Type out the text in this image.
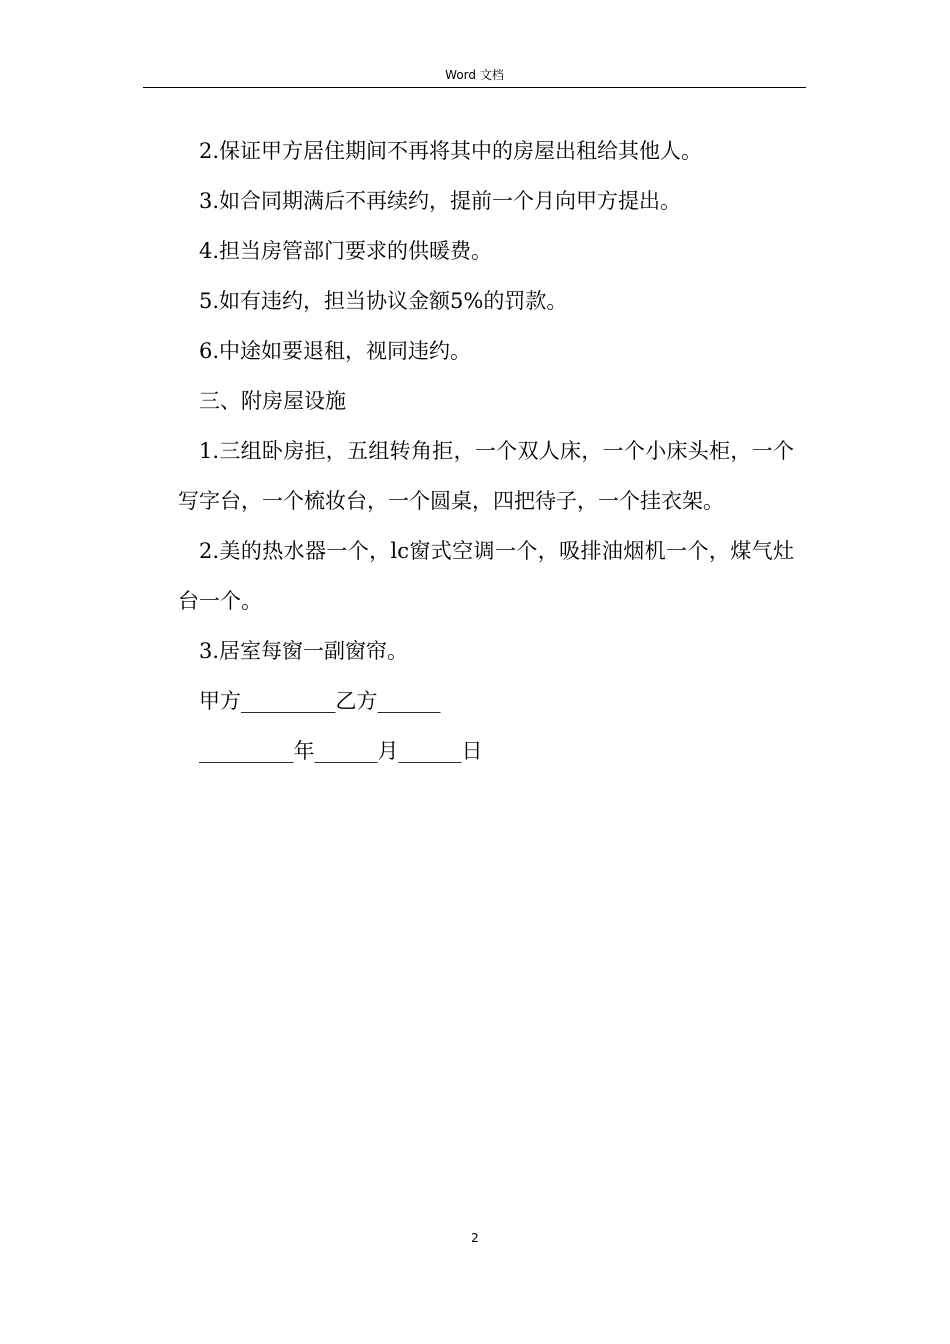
Word 文档

2.保证甲方居住期间不再将其中的房屋出租给其他人。

3.如合同期满后不再续约，提前一个月向甲方提出。

4.担当房管部门要求的供暖费。

5.如有违约，担当协议金额5%的罚款。

6.中途如要退租，视同违约。

三、附房屋设施

1.三组卧房拒，五组转角拒，一个双人床，一个小床头柜，一个写字台，一个梳妆台，一个圆桌，四把待子，一个挂衣架。

2.美的热水器一个，lc窗式空调一个，吸排油烟机一个，煤气灶台一个。

3.居室每窗一副窗帘。

甲方_________乙方______

_________年______月______日

2
